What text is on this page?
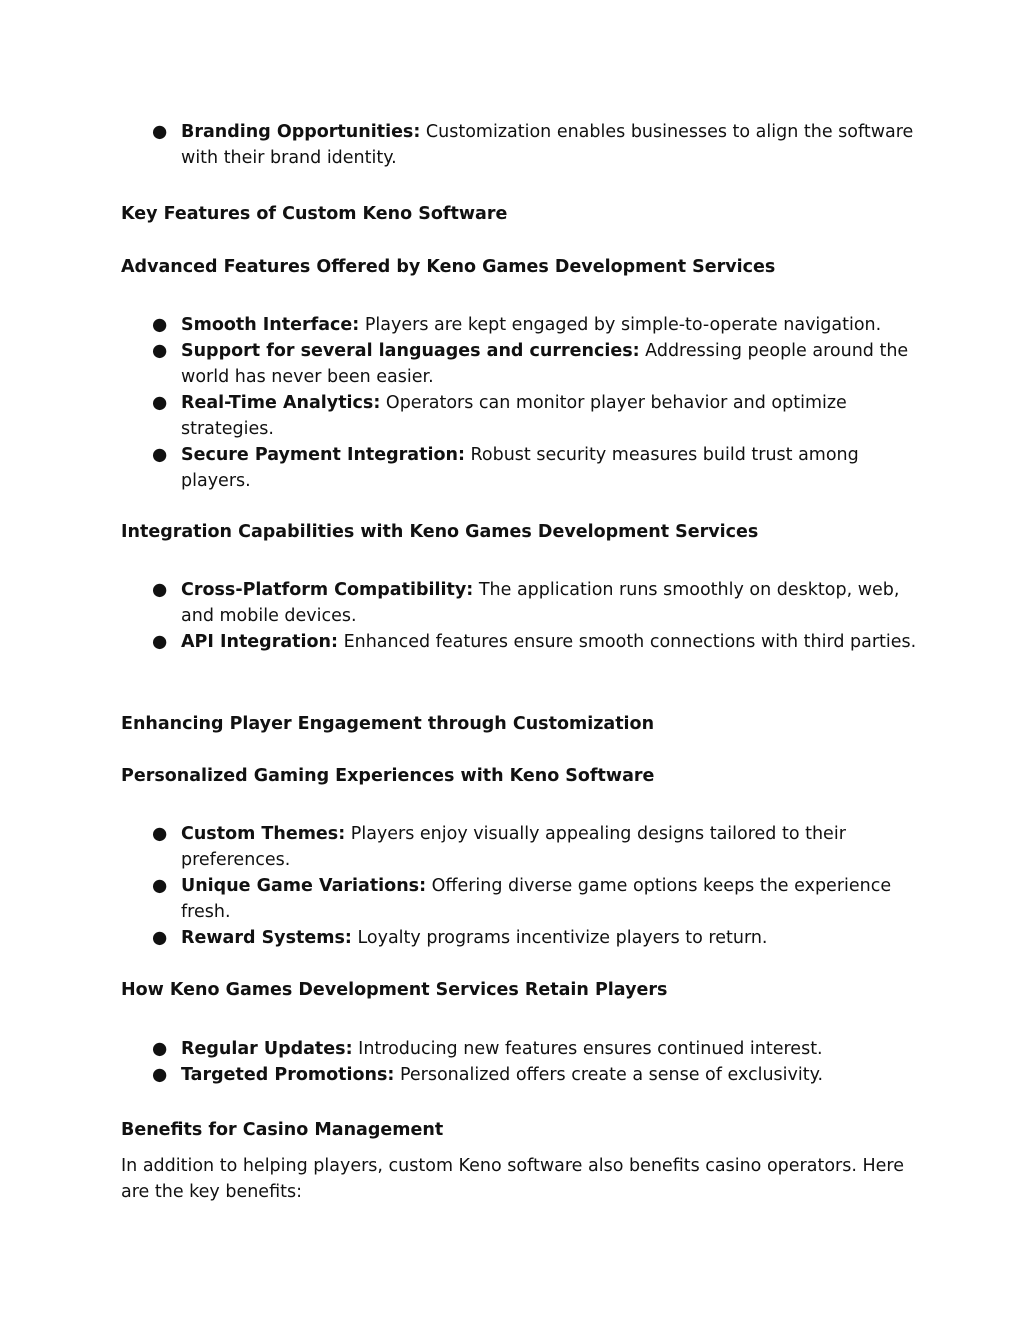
● Branding Opportunities: Customization enables businesses to align the software with their brand identity.
Key Features of Custom Keno Software
Advanced Features Offered by Keno Games Development Services
● Smooth Interface: Players are kept engaged by simple-to-operate navigation.
● Support for several languages and currencies: Addressing people around the world has never been easier.
● Real-Time Analytics: Operators can monitor player behavior and optimize strategies.
● Secure Payment Integration: Robust security measures build trust among players.
Integration Capabilities with Keno Games Development Services
● Cross-Platform Compatibility: The application runs smoothly on desktop, web, and mobile devices.
● API Integration: Enhanced features ensure smooth connections with third parties.
Enhancing Player Engagement through Customization
Personalized Gaming Experiences with Keno Software
● Custom Themes: Players enjoy visually appealing designs tailored to their preferences.
● Unique Game Variations: Offering diverse game options keeps the experience fresh.
● Reward Systems: Loyalty programs incentivize players to return.
How Keno Games Development Services Retain Players
● Regular Updates: Introducing new features ensures continued interest.
● Targeted Promotions: Personalized offers create a sense of exclusivity.
Benefits for Casino Management

In addition to helping players, custom Keno software also benefits casino operators. Here are the key benefits:
